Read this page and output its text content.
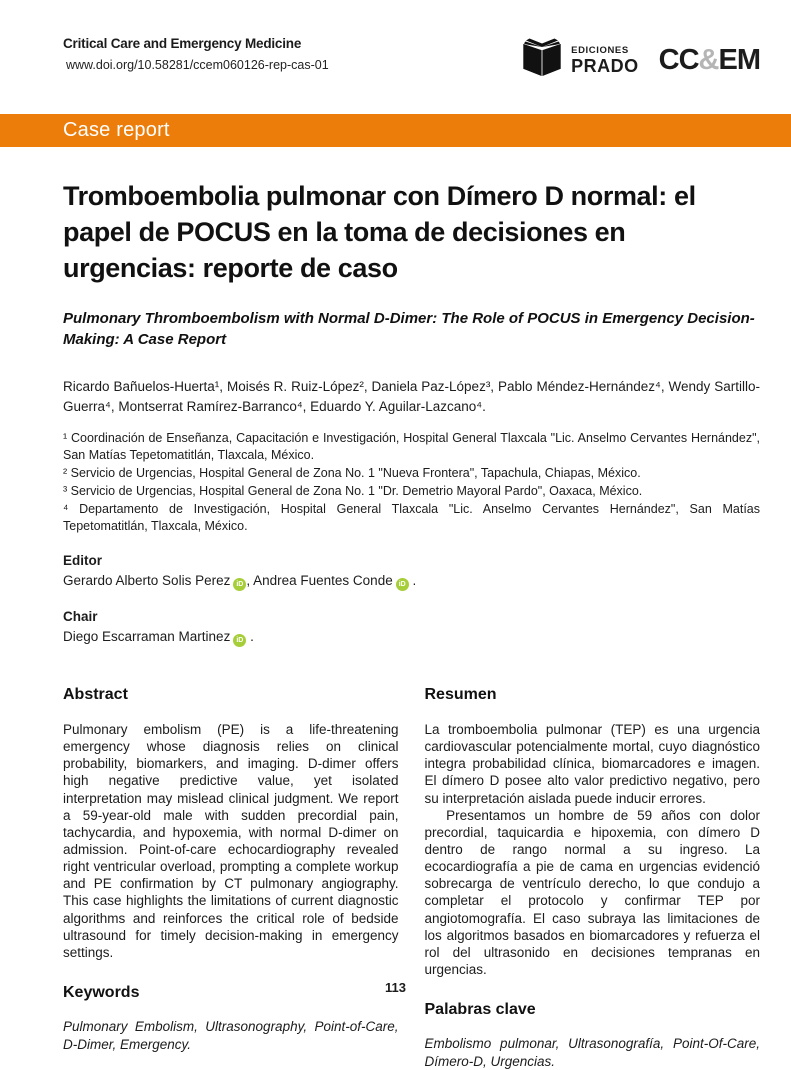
Critical Care and Emergency Medicine
www.doi.org/10.58281/ccem060126-rep-cas-01
EDICIONES
PRADO CC&EM
Case report
Tromboembolia pulmonar con Dímero D normal: el papel de POCUS en la toma de decisiones en urgencias: reporte de caso
Pulmonary Thromboembolism with Normal D-Dimer: The Role of POCUS in Emergency Decision-Making: A Case Report
Ricardo Bañuelos-Huerta¹, Moisés R. Ruiz-López², Daniela Paz-López³, Pablo Méndez-Hernández⁴, Wendy Sartillo-Guerra⁴, Montserrat Ramírez-Barranco⁴, Eduardo Y. Aguilar-Lazcano⁴.

¹ Coordinación de Enseñanza, Capacitación e Investigación, Hospital General Tlaxcala "Lic. Anselmo Cervantes Hernández", San Matías Tepetomatitlán, Tlaxcala, México.

² Servicio de Urgencias, Hospital General de Zona No. 1 "Nueva Frontera", Tapachula, Chiapas, México.

³ Servicio de Urgencias, Hospital General de Zona No. 1 "Dr. Demetrio Mayoral Pardo", Oaxaca, México.

⁴ Departamento de Investigación, Hospital General Tlaxcala "Lic. Anselmo Cervantes Hernández", San Matías Tepetomatitlán, Tlaxcala, México.

Editor
Gerardo Alberto Solis Perez iD , Andrea Fuentes Conde iD .
Chair
Diego Escarraman Martinez iD .
Abstract

Pulmonary embolism (PE) is a life-threatening emergency whose diagnosis relies on clinical probability, biomarkers, and imaging. D-dimer offers high negative predictive value, yet isolated interpretation may mislead clinical judgment. We report a 59-year-old male with sudden precordial pain, tachycardia, and hypoxemia, with normal D-dimer on admission. Point-of-care echocardiography revealed right ventricular overload, prompting a complete workup and PE confirmation by CT pulmonary angiography. This case highlights the limitations of current diagnostic algorithms and reinforces the critical role of bedside ultrasound for timely decision-making in emergency settings.

Keywords
Pulmonary Embolism, Ultrasonography, Point-of-Care, D-Dimer, Emergency.
Resumen

La tromboembolia pulmonar (TEP) es una urgencia cardiovascular potencialmente mortal, cuyo diagnóstico integra probabilidad clínica, biomarcadores e imagen. El dímero D posee alto valor predictivo negativo, pero su interpretación aislada puede inducir errores.

Presentamos un hombre de 59 años con dolor precordial, taquicardia e hipoxemia, con dímero D dentro de rango normal a su ingreso. La ecocardiografía a pie de cama en urgencias evidenció sobrecarga de ventrículo derecho, lo que condujo a completar el protocolo y confirmar TEP por angiotomografía. El caso subraya las limitaciones de los algoritmos basados en biomarcadores y refuerza el rol del ultrasonido en decisiones tempranas en urgencias.

Palabras clave
Embolismo pulmonar, Ultrasonografía, Point-Of-Care, Dímero-D, Urgencias.
113
